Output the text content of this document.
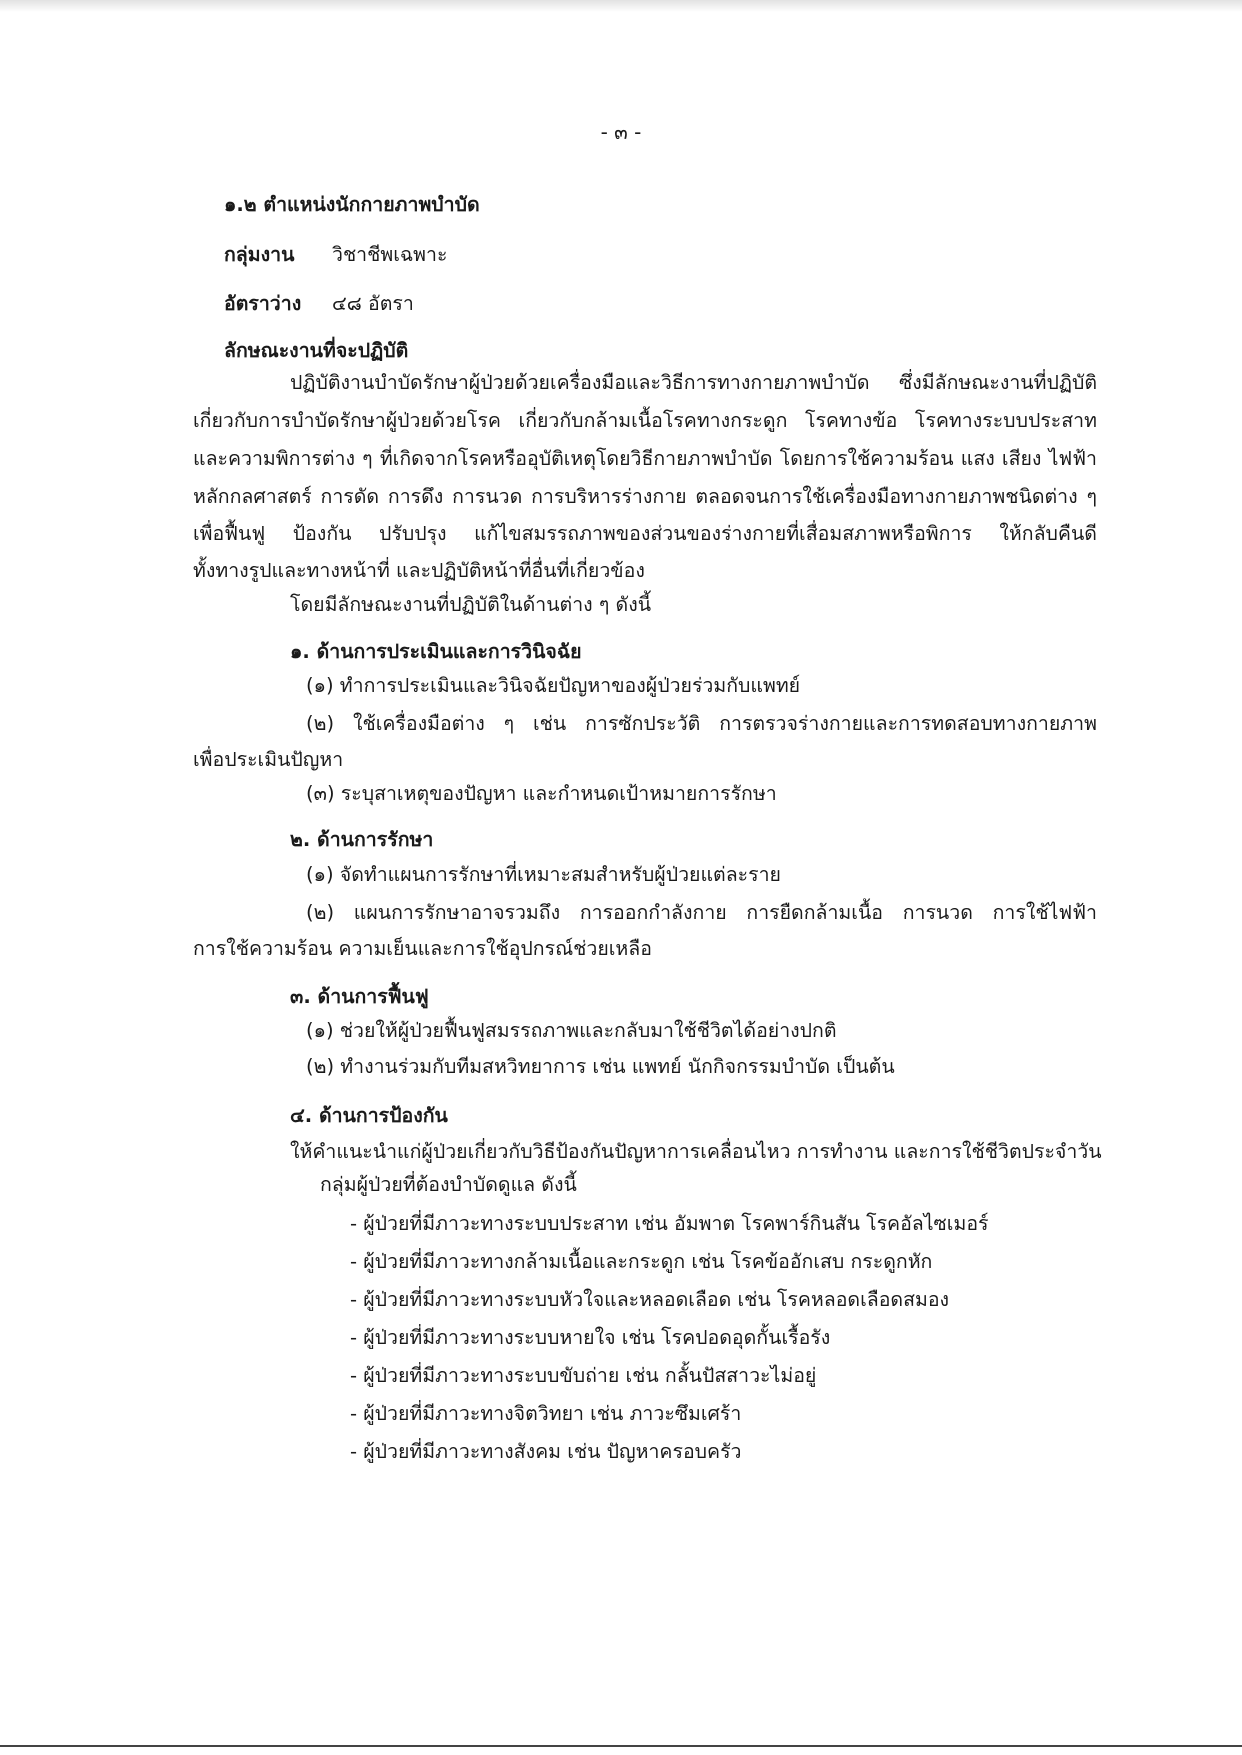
- ๓ -
๑.๒ ตำแหน่งนักกายภาพบำบัด
กลุ่มงาน วิชาชีพเฉพาะ
อัตราว่าง ๔๘ อัตรา
ลักษณะงานที่จะปฏิบัติ
ปฏิบัติงานบำบัดรักษาผู้ป่วยด้วยเครื่องมือและวิธีการทางกายภาพบำบัด ซึ่งมีลักษณะงานที่ปฏิบัติ
เกี่ยวกับการบำบัดรักษาผู้ป่วยด้วยโรค เกี่ยวกับกล้ามเนื้อโรคทางกระดูก โรคทางข้อ โรคทางระบบประสาท
และความพิการต่าง ๆ ที่เกิดจากโรคหรืออุบัติเหตุโดยวิธีกายภาพบำบัด โดยการใช้ความร้อน แสง เสียง ไฟฟ้า
หลักกลศาสตร์ การดัด การดึง การนวด การบริหารร่างกาย ตลอดจนการใช้เครื่องมือทางกายภาพชนิดต่าง ๆ
เพื่อฟื้นฟู ป้องกัน ปรับปรุง แก้ไขสมรรถภาพของส่วนของร่างกายที่เสื่อมสภาพหรือพิการ ให้กลับคืนดี
ทั้งทางรูปและทางหน้าที่ และปฏิบัติหน้าที่อื่นที่เกี่ยวข้อง
โดยมีลักษณะงานที่ปฏิบัติในด้านต่าง ๆ ดังนี้
๑. ด้านการประเมินและการวินิจฉัย
(๑) ทำการประเมินและวินิจฉัยปัญหาของผู้ป่วยร่วมกับแพทย์
(๒) ใช้เครื่องมือต่าง ๆ เช่น การซักประวัติ การตรวจร่างกายและการทดสอบทางกายภาพ
เพื่อประเมินปัญหา
(๓) ระบุสาเหตุของปัญหา และกำหนดเป้าหมายการรักษา
๒. ด้านการรักษา
(๑) จัดทำแผนการรักษาที่เหมาะสมสำหรับผู้ป่วยแต่ละราย
(๒) แผนการรักษาอาจรวมถึง การออกกำลังกาย การยืดกล้ามเนื้อ การนวด การใช้ไฟฟ้า
การใช้ความร้อน ความเย็นและการใช้อุปกรณ์ช่วยเหลือ
๓. ด้านการฟื้นฟู
(๑) ช่วยให้ผู้ป่วยฟื้นฟูสมรรถภาพและกลับมาใช้ชีวิตได้อย่างปกติ
(๒) ทำงานร่วมกับทีมสหวิทยาการ เช่น แพทย์ นักกิจกรรมบำบัด เป็นต้น
๔. ด้านการป้องกัน
ให้คำแนะนำแก่ผู้ป่วยเกี่ยวกับวิธีป้องกันปัญหาการเคลื่อนไหว การทำงาน และการใช้ชีวิตประจำวัน
กลุ่มผู้ป่วยที่ต้องบำบัดดูแล ดังนี้
- ผู้ป่วยที่มีภาวะทางระบบประสาท เช่น อัมพาต โรคพาร์กินสัน โรคอัลไซเมอร์
- ผู้ป่วยที่มีภาวะทางกล้ามเนื้อและกระดูก เช่น โรคข้ออักเสบ กระดูกหัก
- ผู้ป่วยที่มีภาวะทางระบบหัวใจและหลอดเลือด เช่น โรคหลอดเลือดสมอง
- ผู้ป่วยที่มีภาวะทางระบบหายใจ เช่น โรคปอดอุดกั้นเรื้อรัง
- ผู้ป่วยที่มีภาวะทางระบบขับถ่าย เช่น กลั้นปัสสาวะไม่อยู่
- ผู้ป่วยที่มีภาวะทางจิตวิทยา เช่น ภาวะซึมเศร้า
- ผู้ป่วยที่มีภาวะทางสังคม เช่น ปัญหาครอบครัว
